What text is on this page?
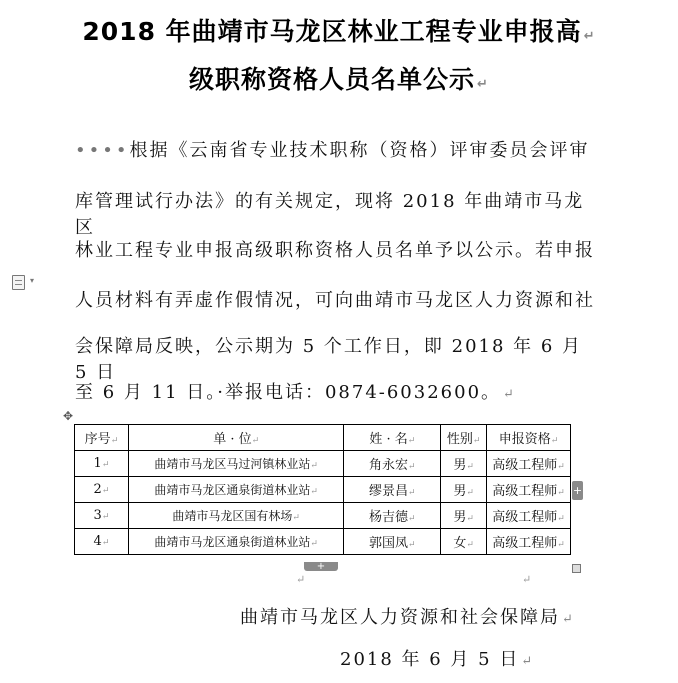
2018 年曲靖市马龙区林业工程专业申报高 ↵
级职称资格人员名单公示 ↵
••••根据《云南省专业技术职称（资格）评审委员会评审
库管理试行办法》的有关规定，现将 2018 年曲靖市马龙区
林业工程专业申报高级职称资格人员名单予以公示。若申报
人员材料有弄虚作假情况，可向曲靖市马龙区人力资源和社
会保障局反映，公示期为 5 个工作日，即 2018 年 6 月 5 日
至 6 月 11 日。·举报电话：0874-6032600。 ↵
▾
✥
序号↵	单 · 位↵	姓 · 名↵	性别↵	申报资格↵
1↵	曲靖市马龙区马过河镇林业站↵	角永宏↵	男↵	高级工程师↵
2↵	曲靖市马龙区通泉街道林业站↵	缪景昌↵	男↵	高级工程师↵
3↵	曲靖市马龙区国有林场↵	杨吉德↵	男↵	高级工程师↵
4↵	曲靖市马龙区通泉街道林业站↵	郭国凤↵	女↵	高级工程师↵
+
+
↵	↵
曲靖市马龙区人力资源和社会保障局 ↵
2018 年 6 月 5 日 ↵
